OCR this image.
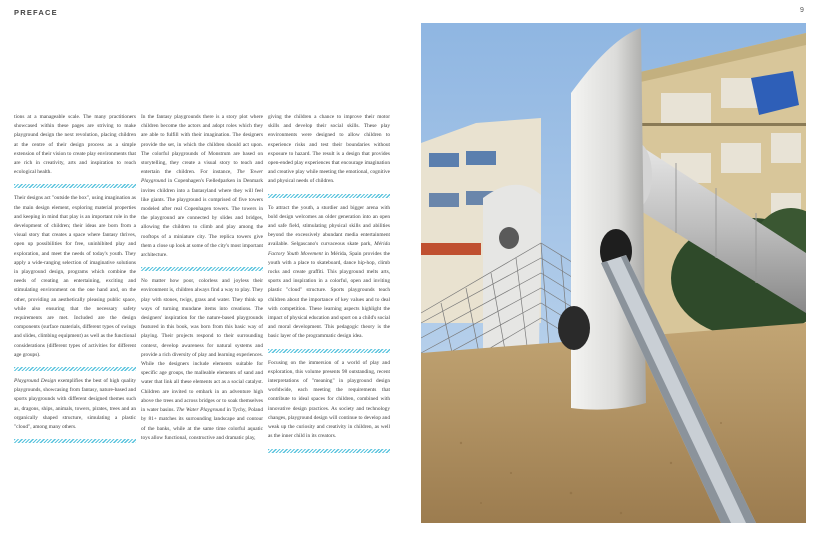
PREFACE	9

tions at a manageable scale. The many practitioners showcased within these pages are striving to make playground design the next revolution, placing children at the centre of their design process as a simple extension of their vision to create play environments that are rich in creativity, arts and inspiration to reach ecological health.

Their designs act "outside the box", using imagination as the main design element, exploring material properties and keeping in mind that play is an important role in the development of children; their ideas are born from a visual story that creates a space where fantasy thrives, open up possibilities for free, uninhibited play and exploration, and meet the needs of today's youth. They apply a wide-ranging selection of imaginative solutions in playground design, programs which combine the needs of creating an entertaining, exciting and stimulating environment on the one hand and, on the other, providing an aesthetically pleasing public space, while also ensuring that the necessary safety requirements are met. Included are the design components (surface materials, different types of swings and slides, climbing equipment) as well as the functional considerations (different types of activities for different age groups).

Playground Design exemplifies the best of high quality playgrounds, showcasing from fantasy, nature-based and sports playgrounds with different designed themes such as, dragons, ships, animals, towers, pirates, trees and an organically shaped structure, simulating a plastic "cloud", among many others.

In the fantasy playgrounds there is a story plot where children become the actors and adopt roles which they are able to fulfill with their imagination. The designers provide the set, in which the children should act upon. The colorful playgrounds of Monstrum are based on storytelling, they create a visual story to teach and entertain the children. For instance, The Tower Playground in Copenhagen's Fælledparken in Denmark invites children into a fantasyland where they will feel like giants. The playground is comprised of five towers modeled after real Copenhagen towers. The towers in the playground are connected by slides and bridges, allowing the children to climb and play among the rooftops of a miniature city. The replica towers give them a close up look at some of the city's most important architecture.

No matter how poor, colorless and joyless their environment is, children always find a way to play. They play with stones, twigs, grass and water. They think up ways of turning mundane items into creations. The designers' inspiration for the nature-based playgrounds featured in this book, was born from this basic way of playing. Their projects respond to their surrounding context, develop awareness for natural systems and provide a rich diversity of play and learning experiences. While the designers include elements suitable for specific age groups, the malleable elements of sand and water that link all these elements act as a social catalyst. Children are invited to embark in an adventure high above the trees and across bridges or to soak themselves in water basins. The Water Playground in Tychy, Poland by 81+ matches its surrounding landscape and contour of the banks, while at the same time colorful aquatic toys allow functional, constructive and dramatic play,

giving the children a chance to improve their motor skills and develop their social skills. These play environments were designed to allow children to experience risks and test their boundaries without exposure to hazard. The result is a design that provides open-ended play experiences that encourage imagination and creative play while meeting the emotional, cognitive and physical needs of children.

To attract the youth, a sturdier and bigger arena with bold design welcomes an older generation into an open and safe field, stimulating physical skills and abilities beyond the excessively abundant media entertainment available. Selgascano's curvaceous skate park, Mérida Factory Youth Movement in Mérida, Spain provides the youth with a place to skateboard, dance hip-hop, climb rocks and create graffiti. This playground melts arts, sports and inspiration in a colorful, open and inviting plastic "cloud" structure. Sports playgrounds teach children about the importance of key values and to deal with competition. These learning aspects highlight the impact of physical education and sport on a child's social and moral development. This pedagogic theory is the basic layer of the programmatic design idea.

Focusing on the immersion of a world of play and exploration, this volume presents 98 outstanding, recent interpretations of "meaning" in playground design worldwide, each meeting the requirements that contribute to ideal spaces for children, combined with innovative design practices. As society and technology changes, playground design will continue to develop and weak up the curiosity and creativity in children, as well as the inner child in its creators.
